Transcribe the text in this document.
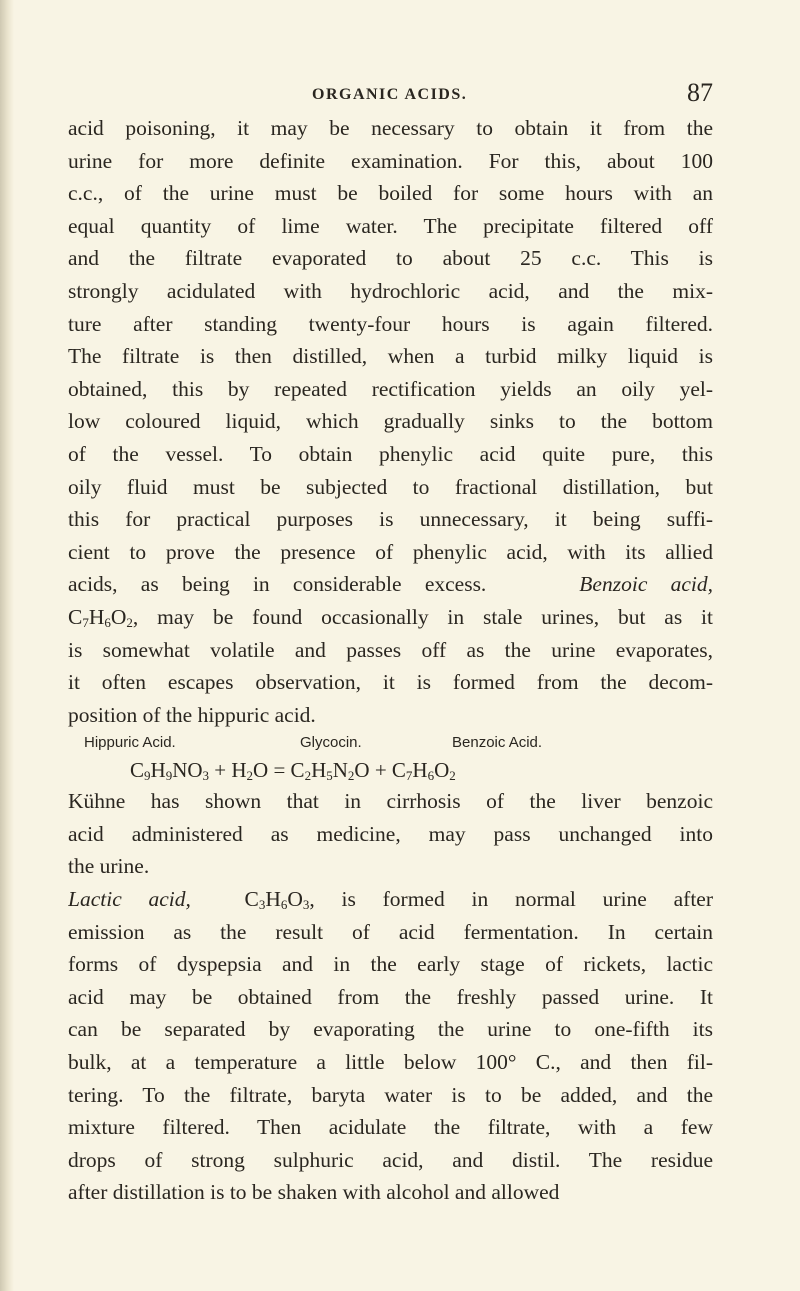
ORGANIC ACIDS.	87
acid poisoning, it may be necessary to obtain it from the
urine for more definite examination. For this, about 100
c.c., of the urine must be boiled for some hours with an
equal quantity of lime water. The precipitate filtered off
and the filtrate evaporated to about 25 c.c. This is
strongly acidulated with hydrochloric acid, and the mix-
ture after standing twenty-four hours is again filtered.
The filtrate is then distilled, when a turbid milky liquid is
obtained, this by repeated rectification yields an oily yel-
low coloured liquid, which gradually sinks to the bottom
of the vessel. To obtain phenylic acid quite pure, this
oily fluid must be subjected to fractional distillation, but
this for practical purposes is unnecessary, it being suffi-
cient to prove the presence of phenylic acid, with its allied
acids, as being in considerable excess.	Benzoic acid,
$C_7H_6O_2$, may be found occasionally in stale urines, but as it
is somewhat volatile and passes off as the urine evaporates,
it often escapes observation, it is formed from the decom-
position of the hippuric acid.
Hippuric Acid.	Glycocin.	Benzoic Acid.
$C_9H_9NO_3 + H_2O = C_2H_5N_2O + C_7H_6O_2$
Kühne has shown that in cirrhosis of the liver benzoic
acid administered as medicine, may pass unchanged into
the urine.
Lactic acid, $C_3H_6O_3$, is formed in normal urine after
emission as the result of acid fermentation. In certain
forms of dyspepsia and in the early stage of rickets, lactic
acid may be obtained from the freshly passed urine. It
can be separated by evaporating the urine to one-fifth its
bulk, at a temperature a little below 100° C., and then fil-
tering. To the filtrate, baryta water is to be added, and the
mixture filtered. Then acidulate the filtrate, with a few
drops of strong sulphuric acid, and distil. The residue
after distillation is to be shaken with alcohol and allowed
